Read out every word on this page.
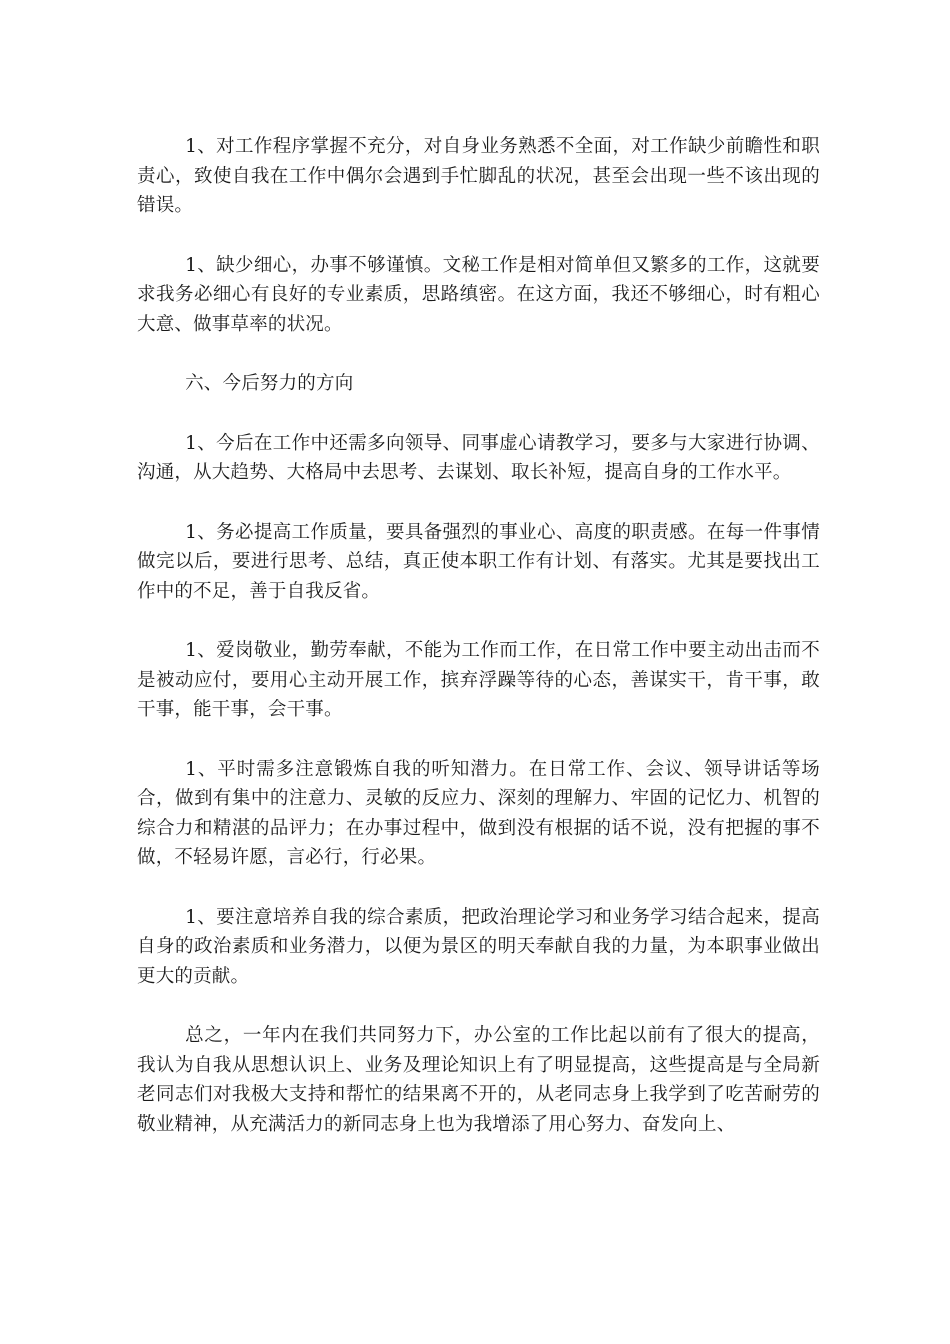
1、对工作程序掌握不充分，对自身业务熟悉不全面，对工作缺少前瞻性和职责心，致使自我在工作中偶尔会遇到手忙脚乱的状况，甚至会出现一些不该出现的错误。

1、缺少细心，办事不够谨慎。文秘工作是相对简单但又繁多的工作，这就要求我务必细心有良好的专业素质，思路缜密。在这方面，我还不够细心，时有粗心大意、做事草率的状况。

六、今后努力的方向

1、今后在工作中还需多向领导、同事虚心请教学习，要多与大家进行协调、沟通，从大趋势、大格局中去思考、去谋划、取长补短，提高自身的工作水平。

1、务必提高工作质量，要具备强烈的事业心、高度的职责感。在每一件事情做完以后，要进行思考、总结，真正使本职工作有计划、有落实。尤其是要找出工作中的不足，善于自我反省。

1、爱岗敬业，勤劳奉献，不能为工作而工作，在日常工作中要主动出击而不是被动应付，要用心主动开展工作，摈弃浮躁等待的心态，善谋实干，肯干事，敢干事，能干事，会干事。

1、平时需多注意锻炼自我的听知潜力。在日常工作、会议、领导讲话等场合，做到有集中的注意力、灵敏的反应力、深刻的理解力、牢固的记忆力、机智的综合力和精湛的品评力；在办事过程中，做到没有根据的话不说，没有把握的事不做，不轻易许愿，言必行，行必果。

1、要注意培养自我的综合素质，把政治理论学习和业务学习结合起来，提高自身的政治素质和业务潜力，以便为景区的明天奉献自我的力量，为本职事业做出更大的贡献。

总之，一年内在我们共同努力下，办公室的工作比起以前有了很大的提高，我认为自我从思想认识上、业务及理论知识上有了明显提高，这些提高是与全局新老同志们对我极大支持和帮忙的结果离不开的，从老同志身上我学到了吃苦耐劳的敬业精神，从充满活力的新同志身上也为我增添了用心努力、奋发向上、
